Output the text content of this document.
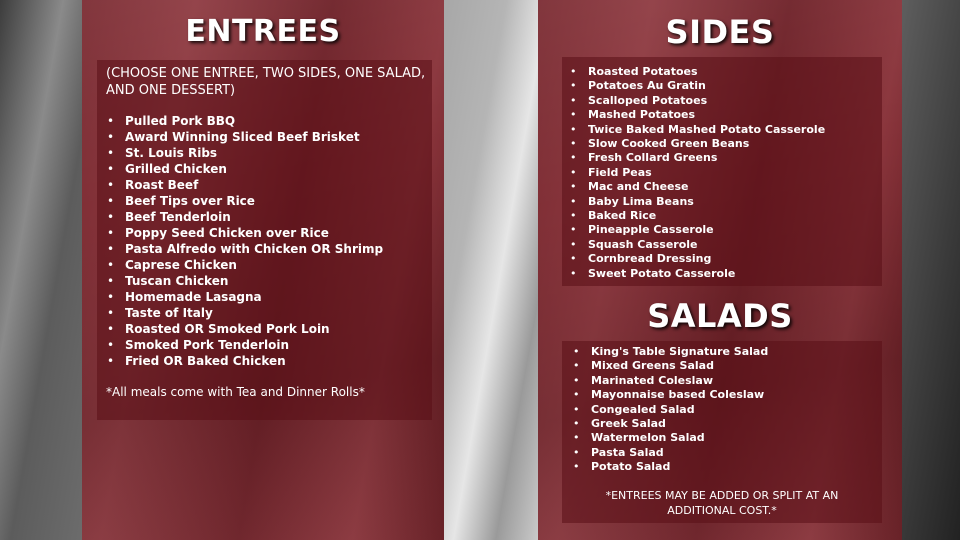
ENTREES

(CHOOSE ONE ENTREE, TWO SIDES, ONE SALAD, AND ONE DESSERT)

• Pulled Pork BBQ
• Award Winning Sliced Beef Brisket
• St. Louis Ribs
• Grilled Chicken
• Roast Beef
• Beef Tips over Rice
• Beef Tenderloin
• Poppy Seed Chicken over Rice
• Pasta Alfredo with Chicken OR Shrimp
• Caprese Chicken
• Tuscan Chicken
• Homemade Lasagna
• Taste of Italy
• Roasted OR Smoked Pork Loin
• Smoked Pork Tenderloin
• Fried OR Baked Chicken

*All meals come with Tea and Dinner Rolls*

SIDES
• Roasted Potatoes
• Potatoes Au Gratin
• Scalloped Potatoes
• Mashed Potatoes
• Twice Baked Mashed Potato Casserole
• Slow Cooked Green Beans
• Fresh Collard Greens
• Field Peas
• Mac and Cheese
• Baby Lima Beans
• Baked Rice
• Pineapple Casserole
• Squash Casserole
• Cornbread Dressing
• Sweet Potato Casserole
SALADS
• King's Table Signature Salad
• Mixed Greens Salad
• Marinated Coleslaw
• Mayonnaise based Coleslaw
• Congealed Salad
• Greek Salad
• Watermelon Salad
• Pasta Salad
• Potato Salad

*ENTREES MAY BE ADDED OR SPLIT AT AN ADDITIONAL COST.*
